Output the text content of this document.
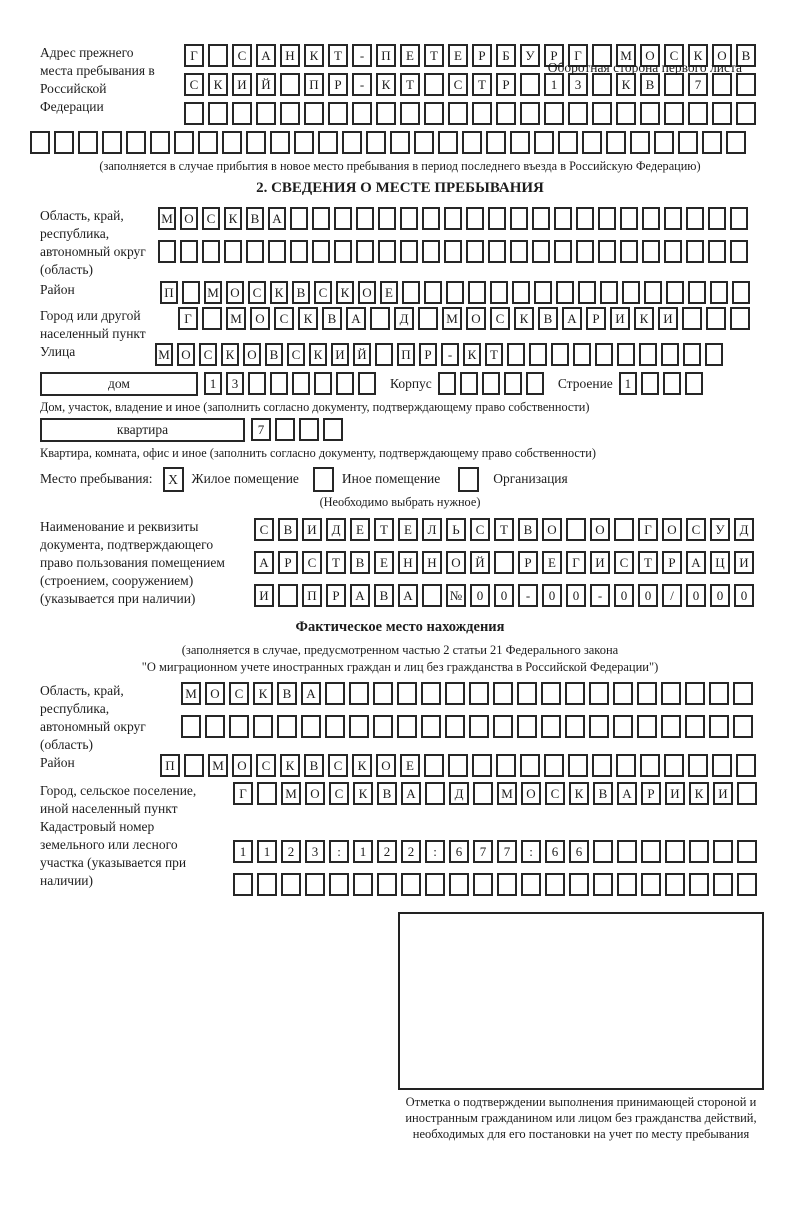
Оборотная сторона первого листа
Адрес прежнего места пребывания в Российской Федерации
Г	С	А	Н	К	Т	-	П	Е	Т	Е	Р	Б	У	Р	Г	М	О	С	К	О	В
С	К	И	Й	П	Р	-	К	Т	С	Т	Р	1	3	К	В	7
(заполняется в случае прибытия в новое место пребывания в период последнего въезда в Российскую Федерацию)
2. СВЕДЕНИЯ О МЕСТЕ ПРЕБЫВАНИЯ
Область, край, республика, автономный округ (область)
М О С	К	В А
Район	П	М О С	К	В	С	К О	Е
Город или другой населенный пункт
Г	М	О	С	К	В	А	Д	М	О	С	К	В	А	Р	И	К	И
Улица	М О С	К О В	С	К И Й	П	Р	-	К	Т
дом	1	3	Корпус	Строение 1
Дом, участок, владение и иное (заполнить согласно документу, подтверждающему право собственности)
квартира	7
Квартира, комната, офис и иное (заполнить согласно документу, подтверждающему право собственности)
Место пребывания:	X	Жилое помещение	Иное помещение	Организация
(Необходимо выбрать нужное)
Наименование и реквизиты документа, подтверждающего право пользования помещением (строением, сооружением) (указывается при наличии)
С	В	И	Д	Е	Т	Е	Л	Ь	С	Т	В	О	О	Г	О	С	У	Д
А	Р	С	Т	В	Е	Н	Н	О	Й	Р	Е	Г	И	С	Т	Р	А	Ц	И
И	П	Р	А	В	А	№	0	0	-	0	0	-	0	0	/	0	0	0
Фактическое место нахождения
(заполняется в случае, предусмотренном частью 2 статьи 21 Федерального закона
"О миграционном учете иностранных граждан и лиц без гражданства в Российской Федерации")
Область, край, республика, автономный округ (область)
М	О	С	К	В	А
Район	П	М	О	С	К	В	С	К	О	Е
Город, сельское поселение, иной населенный пункт
Г	М	О	С	К	В	А	Д	М	О	С	К	В	А	Р	И	К	И
Кадастровый номер земельного или лесного участка (указывается при наличии)
1	1	2	3	:	1	2	2	:	6	7	7	:	6	6
Отметка о подтверждении выполнения принимающей стороной и иностранным гражданином или лицом без гражданства действий, необходимых для его постановки на учет по месту пребывания
